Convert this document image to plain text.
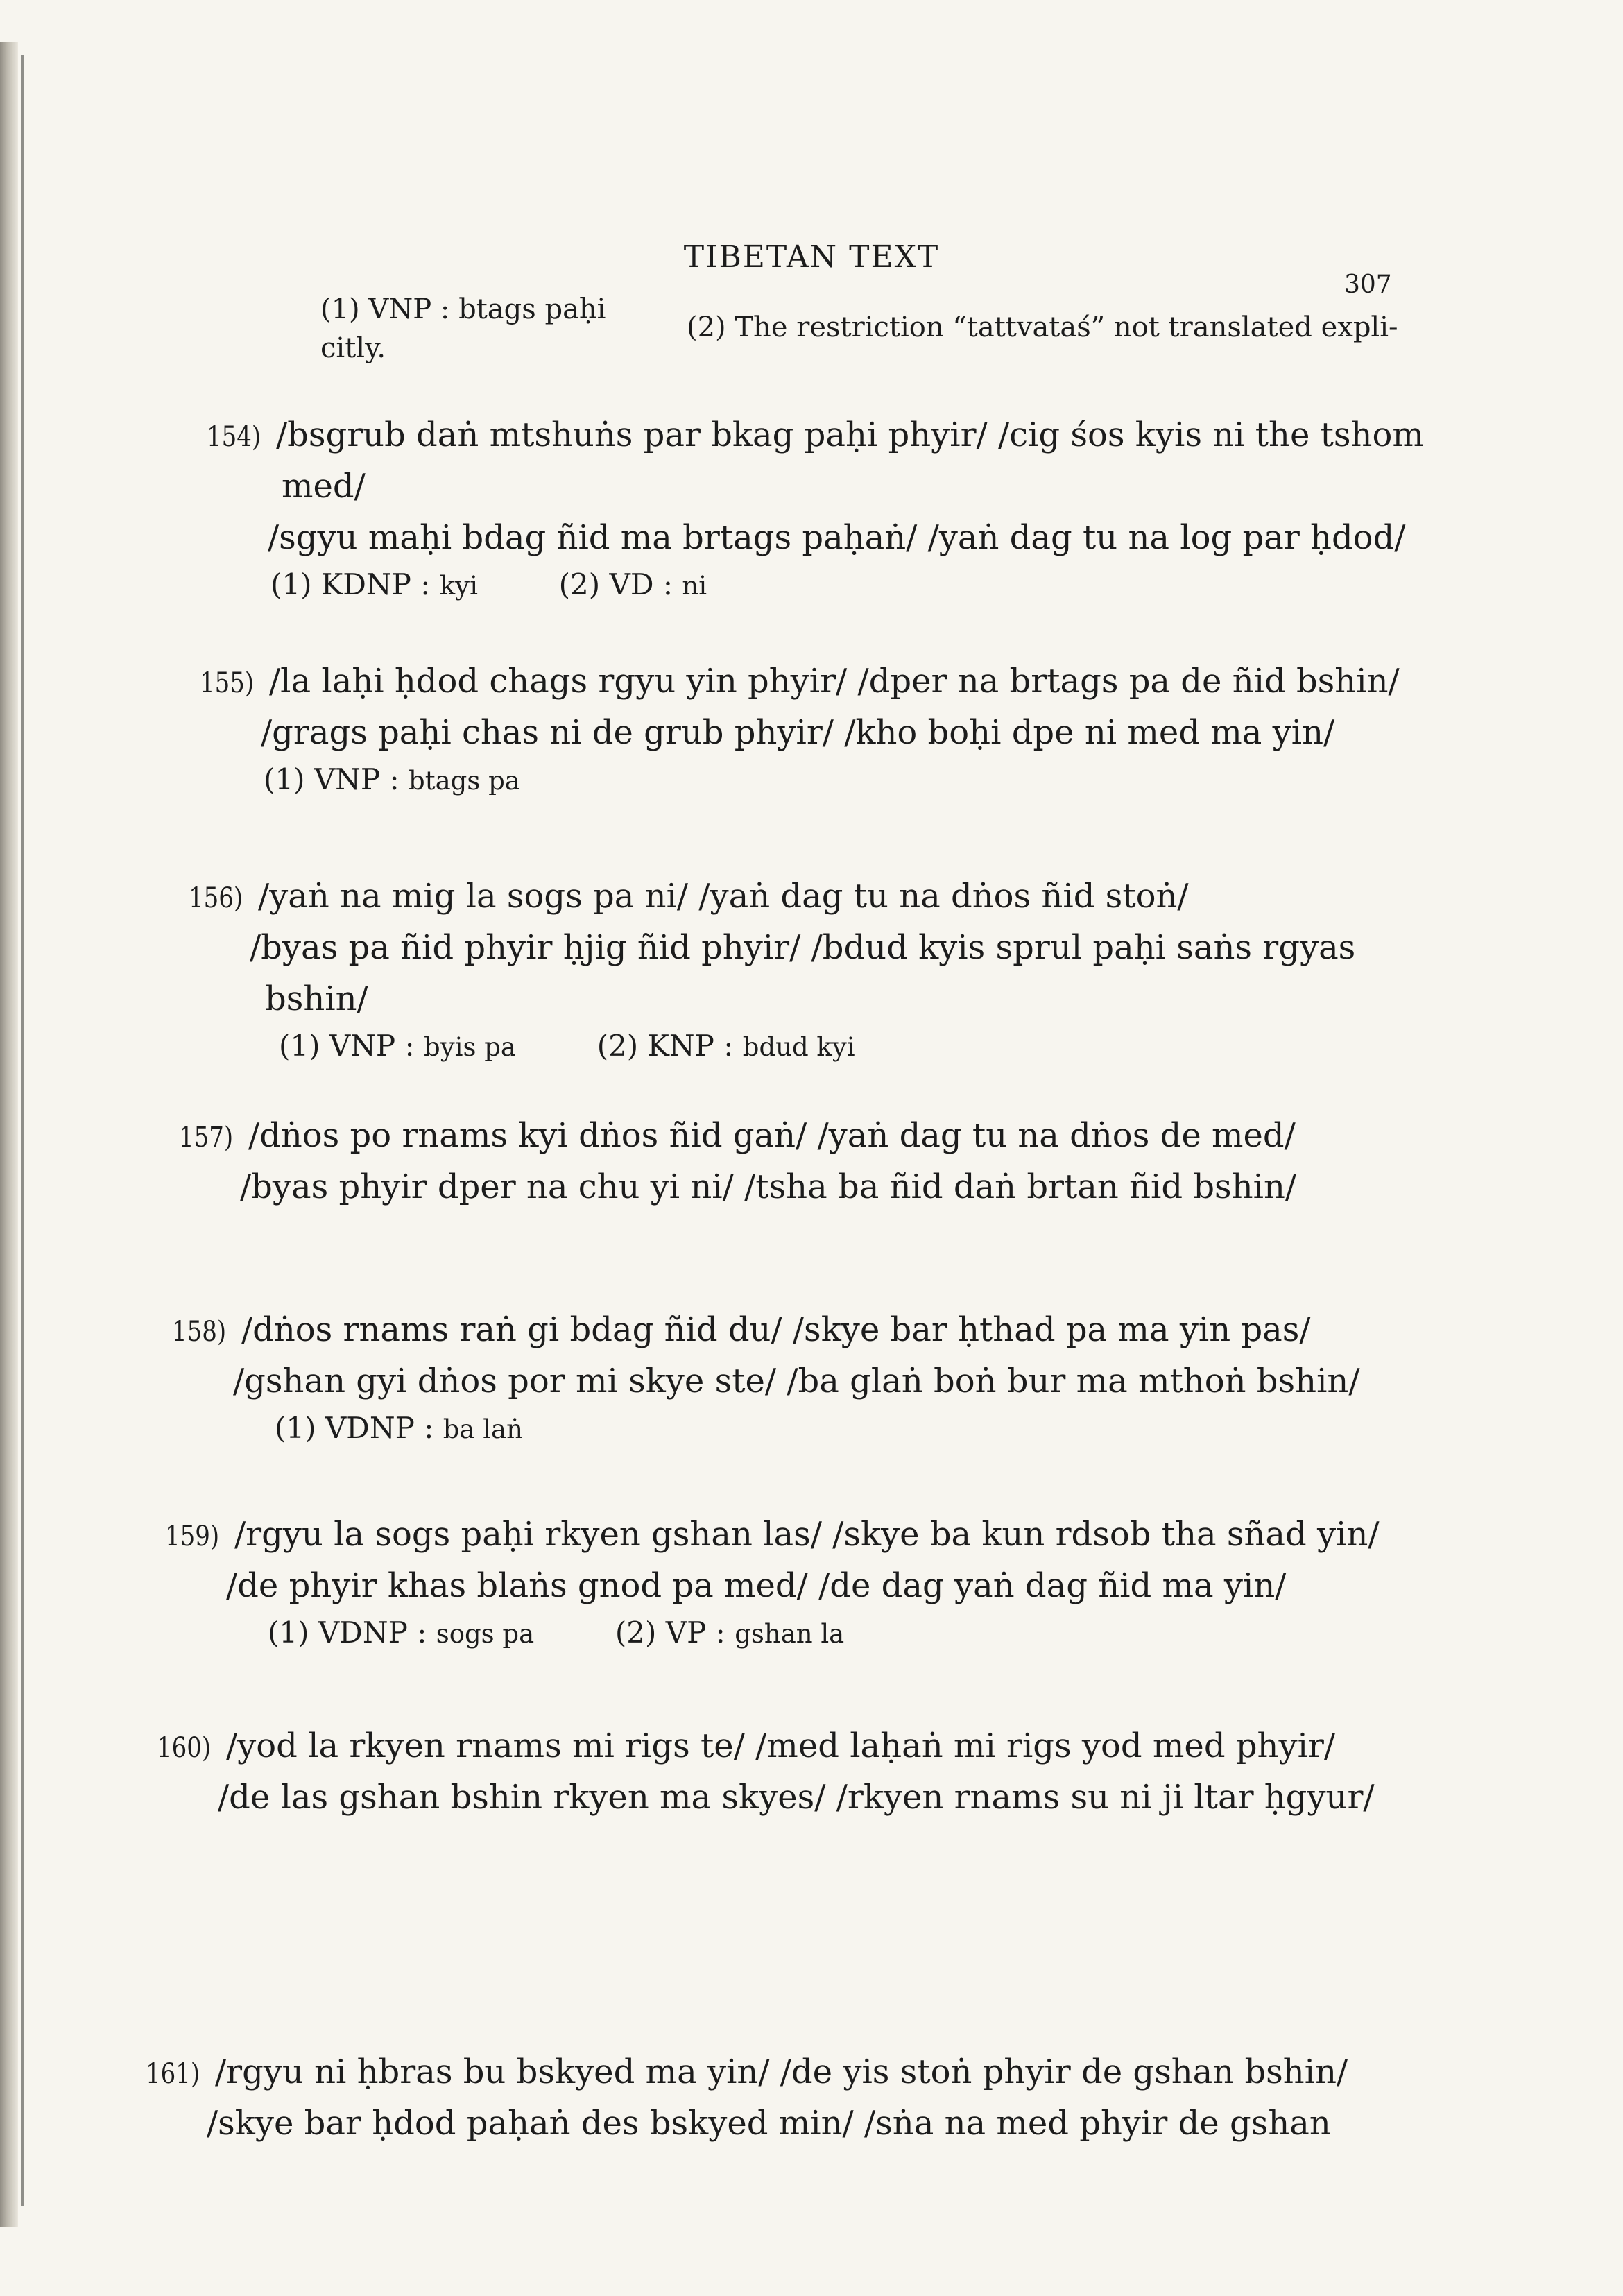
TIBETAN TEXT
307
(1) VNP : btags paḥi
(2) The restriction “tattvataś” not translated expli-
citly.
154) /bsgrub daṅ mtshuṅs par bkag paḥi phyir/ /cig śos kyis ni the tshom
med/
/sgyu maḥi bdag ñid ma brtags paḥaṅ/ /yaṅ dag tu na log par ḥdod/
(1) KDNP : kyi	(2) VD : ni
155) /la laḥi ḥdod chags rgyu yin phyir/ /dper na brtags pa de ñid bshin/
/grags paḥi chas ni de grub phyir/ /kho boḥi dpe ni med ma yin/
(1) VNP : btags pa
156) /yaṅ na mig la sogs pa ni/ /yaṅ dag tu na dṅos ñid stoṅ/
/byas pa ñid phyir ḥjig ñid phyir/ /bdud kyis sprul paḥi saṅs rgyas
bshin/
(1) VNP : byis pa	(2) KNP : bdud kyi
157) /dṅos po rnams kyi dṅos ñid gaṅ/ /yaṅ dag tu na dṅos de med/
/byas phyir dper na chu yi ni/ /tsha ba ñid daṅ brtan ñid bshin/
158) /dṅos rnams raṅ gi bdag ñid du/ /skye bar ḥthad pa ma yin pas/
/gshan gyi dṅos por mi skye ste/ /ba glaṅ boṅ bur ma mthoṅ bshin/
(1) VDNP : ba laṅ
159) /rgyu la sogs paḥi rkyen gshan las/ /skye ba kun rdsob tha sñad yin/
/de phyir khas blaṅs gnod pa med/ /de dag yaṅ dag ñid ma yin/
(1) VDNP : sogs pa	(2) VP : gshan la
160) /yod la rkyen rnams mi rigs te/ /med laḥaṅ mi rigs yod med phyir/
/de las gshan bshin rkyen ma skyes/ /rkyen rnams su ni ji ltar ḥgyur/
161) /rgyu ni ḥbras bu bskyed ma yin/ /de yis stoṅ phyir de gshan bshin/
/skye bar ḥdod paḥaṅ des bskyed min/ /sṅa na med phyir de gshan
